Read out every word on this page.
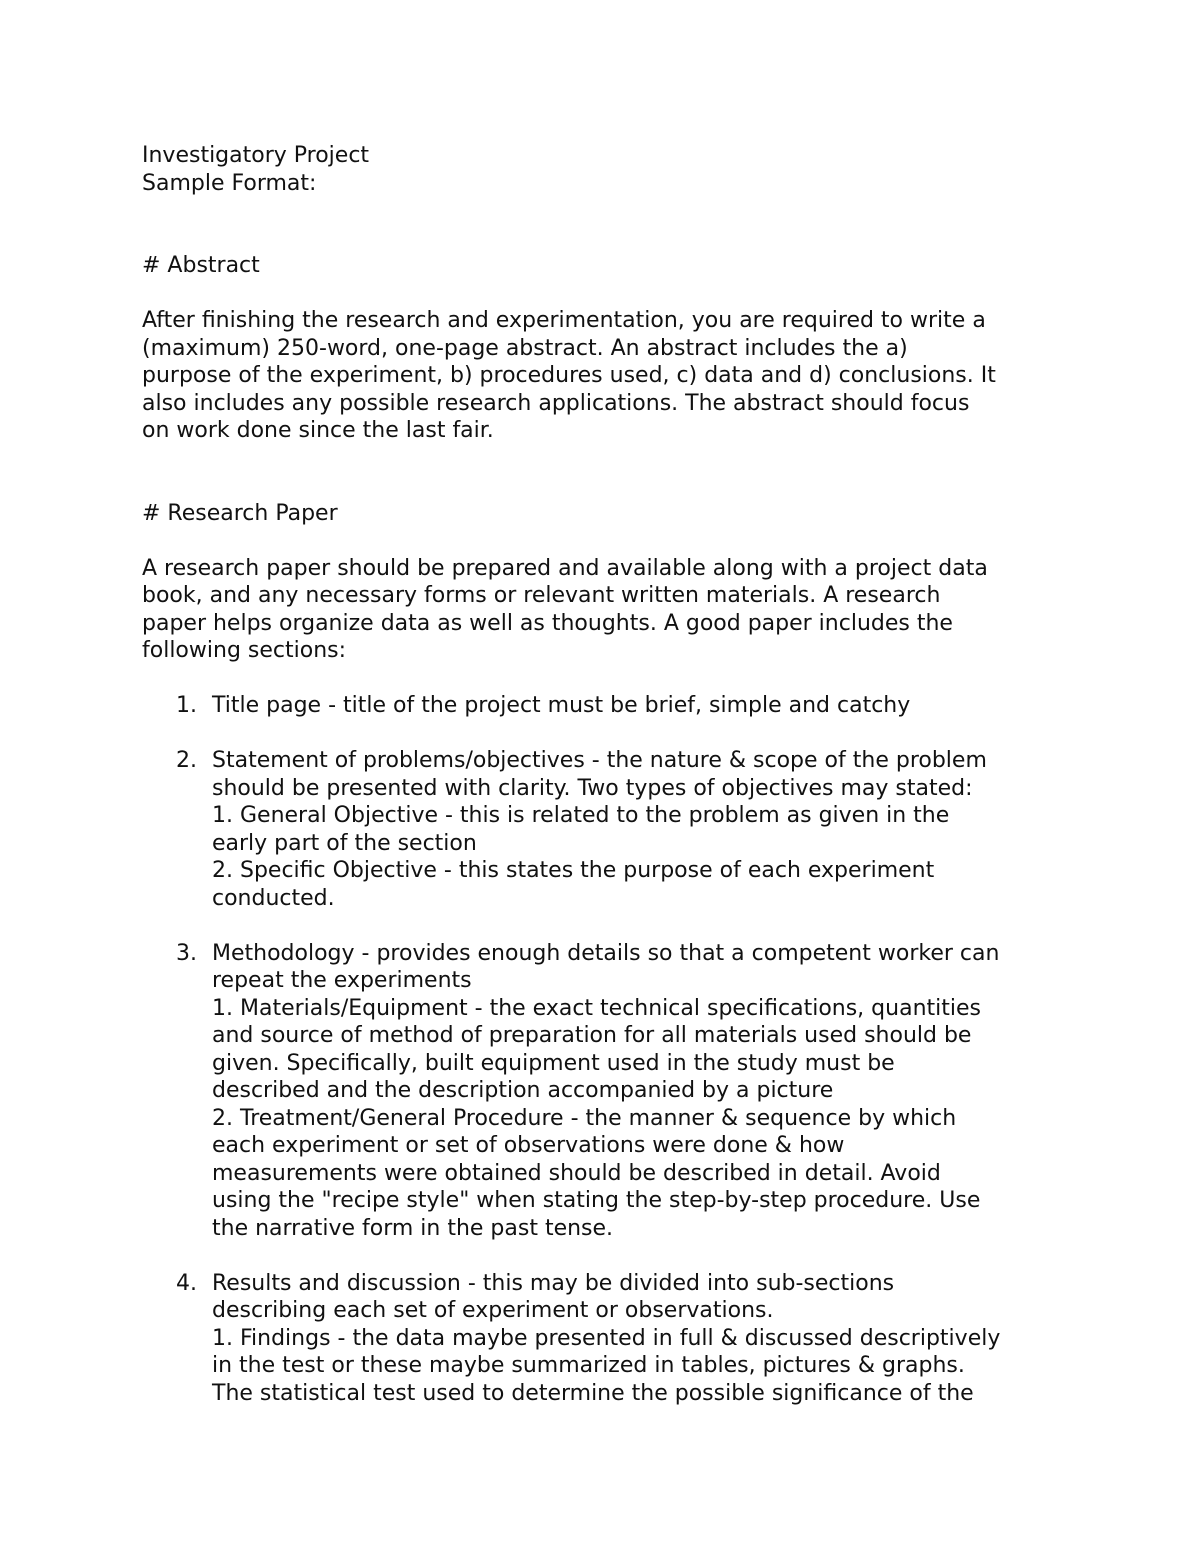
Investigatory Project
Sample Format:
# Abstract
After finishing the research and experimentation, you are required to write a
(maximum) 250-word, one-page abstract. An abstract includes the a)
purpose of the experiment, b) procedures used, c) data and d) conclusions. It
also includes any possible research applications. The abstract should focus
on work done since the last fair.
# Research Paper
A research paper should be prepared and available along with a project data
book, and any necessary forms or relevant written materials. A research
paper helps organize data as well as thoughts. A good paper includes the
following sections:
1. Title page - title of the project must be brief, simple and catchy
2. Statement of problems/objectives - the nature & scope of the problem
should be presented with clarity. Two types of objectives may stated:
1. General Objective - this is related to the problem as given in the
early part of the section
2. Specific Objective - this states the purpose of each experiment
conducted.
3. Methodology - provides enough details so that a competent worker can
repeat the experiments
1. Materials/Equipment - the exact technical specifications, quantities
and source of method of preparation for all materials used should be
given. Specifically, built equipment used in the study must be
described and the description accompanied by a picture
2. Treatment/General Procedure - the manner & sequence by which
each experiment or set of observations were done & how
measurements were obtained should be described in detail. Avoid
using the "recipe style" when stating the step-by-step procedure. Use
the narrative form in the past tense.
4. Results and discussion - this may be divided into sub-sections
describing each set of experiment or observations.
1. Findings - the data maybe presented in full & discussed descriptively
in the test or these maybe summarized in tables, pictures & graphs.
The statistical test used to determine the possible significance of the
